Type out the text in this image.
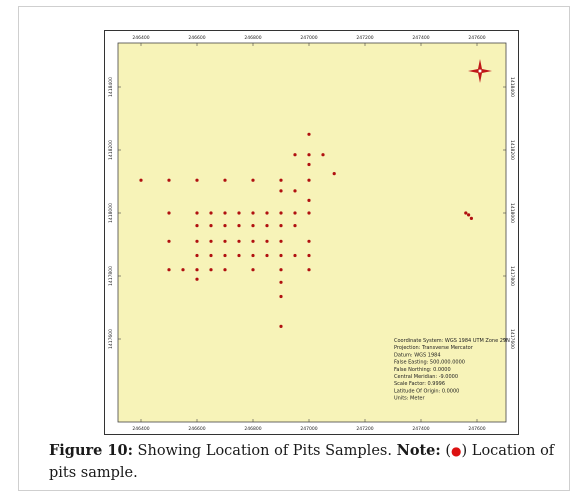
246400
246400
246600
246600
246800
246800
247000
247000
247200
247200
247400
247400
247600
247600
1418400	1418400
1418200	1418200
1418000	1418000
1417800	1417800
1417600	1417600
Coordinate System: WGS 1984 UTM Zone 29N
Projection: Transverse Mercator
Datum: WGS 1984
False Easting: 500,000.0000
False Northing: 0.0000
Central Meridian: -9.0000
Scale Factor: 0.9996
Latitude Of Origin: 0.0000
Units: Meter
Figure 10: Showing Location of Pits Samples. Note: (●) Location of pits sample.
